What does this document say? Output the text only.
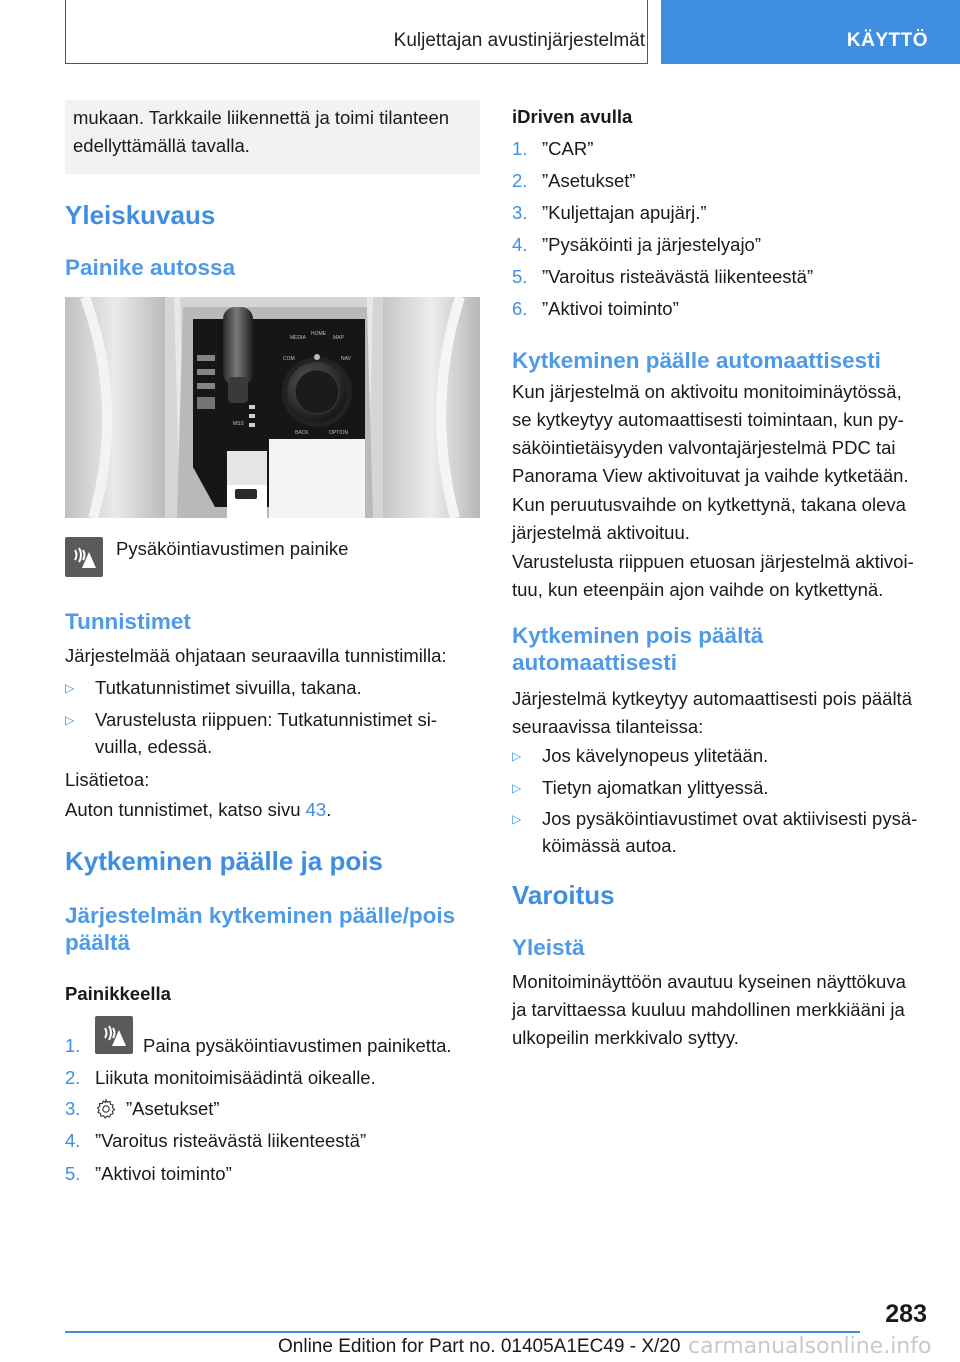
Kuljettajan avustinjärjestelmät	KÄYTTÖ
mukaan. Tarkkaile liikennettä ja toimi tilanteen
edellyttämällä tavalla.
Yleiskuvaus
Painike autossa
MEDIA
HOME
MAP
COM	NAV
BACK	OPTION
MSS
Pysäköintiavustimen painike
Tunnistimet
Järjestelmää ohjataan seuraavilla tunnistimilla:
▷ Tutkatunnistimet sivuilla, takana.
▷ Varustelusta riippuen: Tutkatunnistimet si-
vuilla, edessä.
Lisätietoa:
Auton tunnistimet, katso sivu 43.
Kytkeminen päälle ja pois
Järjestelmän kytkeminen päälle/pois
päältä
Painikkeella
1.	Paina pysäköintiavustimen painiketta.
2. Liikuta monitoimisäädintä oikealle.
3.	”Asetukset”
4. ”Varoitus risteävästä liikenteestä”
5. ”Aktivoi toiminto”
iDriven avulla
1. ”CAR”
2. ”Asetukset”
3. ”Kuljettajan apujärj.”
4. ”Pysäköinti ja järjestelyajo”
5. ”Varoitus risteävästä liikenteestä”
6. ”Aktivoi toiminto”
Kytkeminen päälle automaattisesti
Kun järjestelmä on aktivoitu monitoiminäytössä,
se kytkeytyy automaattisesti toimintaan, kun py-
säköintietäisyyden valvontajärjestelmä PDC tai
Panorama View aktivoituvat ja vaihde kytketään.
Kun peruutusvaihde on kytkettynä, takana oleva
järjestelmä aktivoituu.
Varustelusta riippuen etuosan järjestelmä aktivoi-
tuu, kun eteenpäin ajon vaihde on kytkettynä.
Kytkeminen pois päältä
automaattisesti
Järjestelmä kytkeytyy automaattisesti pois päältä
seuraavissa tilanteissa:
▷ Jos kävelynopeus ylitetään.
▷ Tietyn ajomatkan ylittyessä.
▷ Jos pysäköintiavustimet ovat aktiivisesti pysä-
köimässä autoa.
Varoitus
Yleistä
Monitoiminäyttöön avautuu kyseinen näyttökuva
ja tarvittaessa kuuluu mahdollinen merkkiääni ja
ulkopeilin merkkivalo syttyy.
283
Online Edition for Part no. 01405A1EC49 - X/20 carmanualsonline.info
